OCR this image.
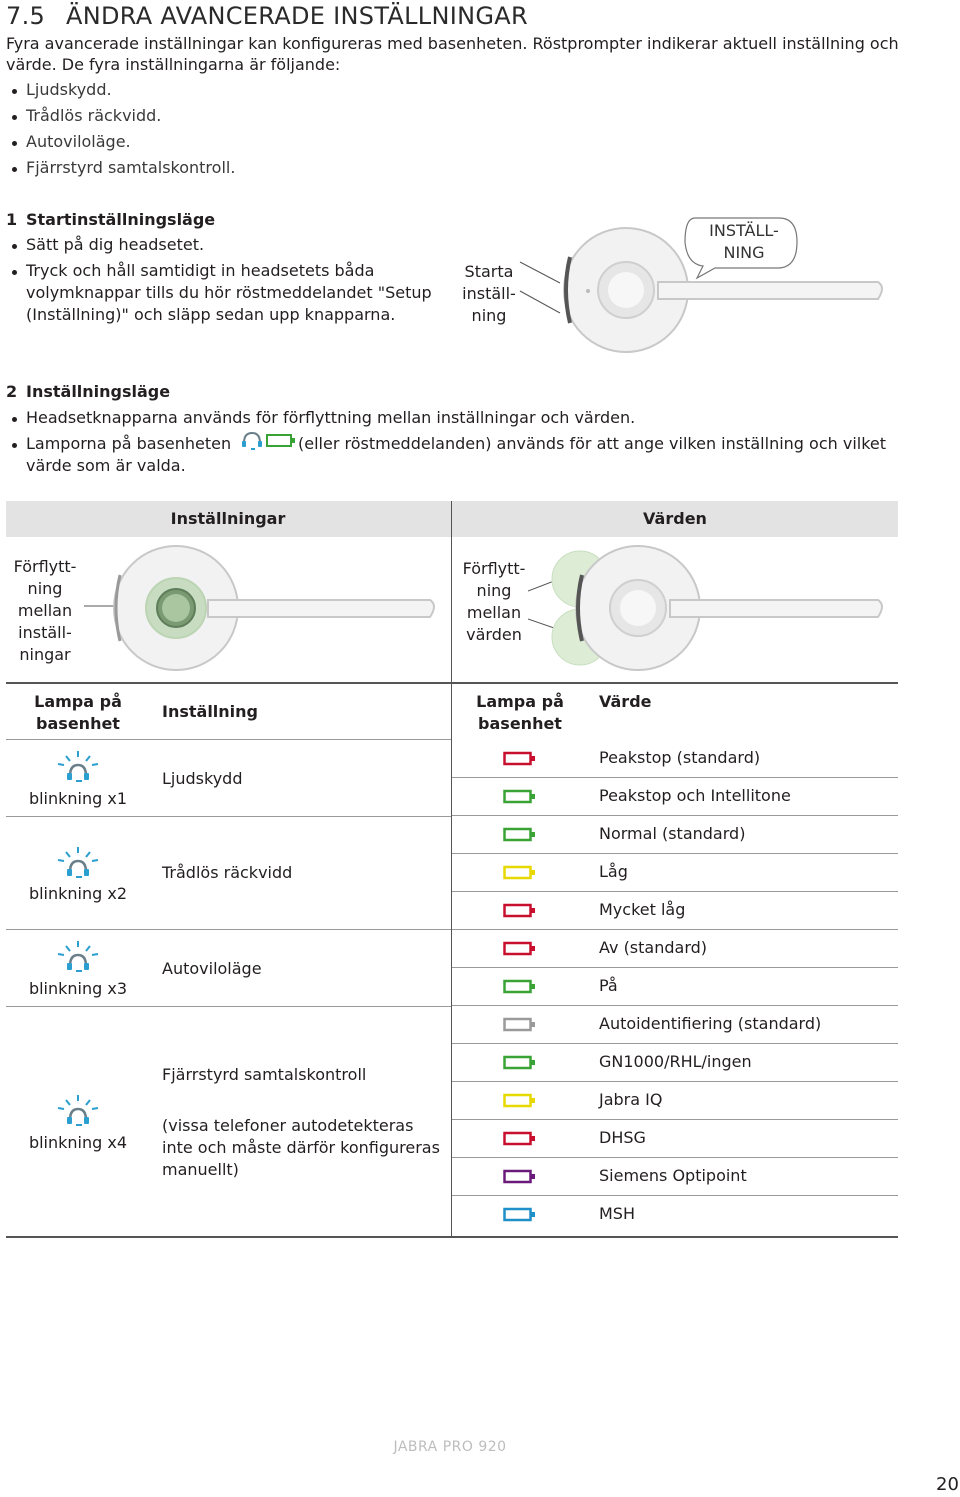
7.5 ÄNDRA AVANCERADE INSTÄLLNINGAR
Fyra avancerade inställningar kan konfigureras med basenheten. Röstprompter indikerar aktuell inställning och
värde. De fyra inställningarna är följande:
Ljudskydd.
Trådlös räckvidd.
Autoviloläge.
Fjärrstyrd samtalskontroll.
1 Startinställningsläge
Sätt på dig headsetet.
Tryck och håll samtidigt in headsetets båda
volymknappar tills du hör röstmeddelandet "Setup
(Inställning)" och släpp sedan upp knapparna.
Starta
inställ-
ning
INSTÄLL-
NING
2 Inställningsläge
Headsetknapparna används för förflyttning mellan inställningar och värden.
Lamporna på basenheten	(eller röstmeddelanden) används för att ange vilken inställning och vilket
värde som är valda.
Inställningar	Värden
Förflytt-
ning
mellan
inställ-
ningar
Förflytt-
ning
mellan
värden
Lampa på
basenhet
Inställning
Lampa på
basenhet
Värde
blinkning x1
Ljudskydd
blinkning x2
Trådlös räckvidd
blinkning x3
Autoviloläge
blinkning x4
Fjärrstyrd samtalskontroll
(vissa telefoner autodetekteras
inte och måste därför konfigureras
manuellt)
Peakstop (standard)
Peakstop och Intellitone
Normal (standard)
Låg
Mycket låg
Av (standard)
På
Autoidentifiering (standard)
GN1000/RHL/ingen
Jabra IQ
DHSG
Siemens Optipoint
MSH
JABRA PRO 920
20
